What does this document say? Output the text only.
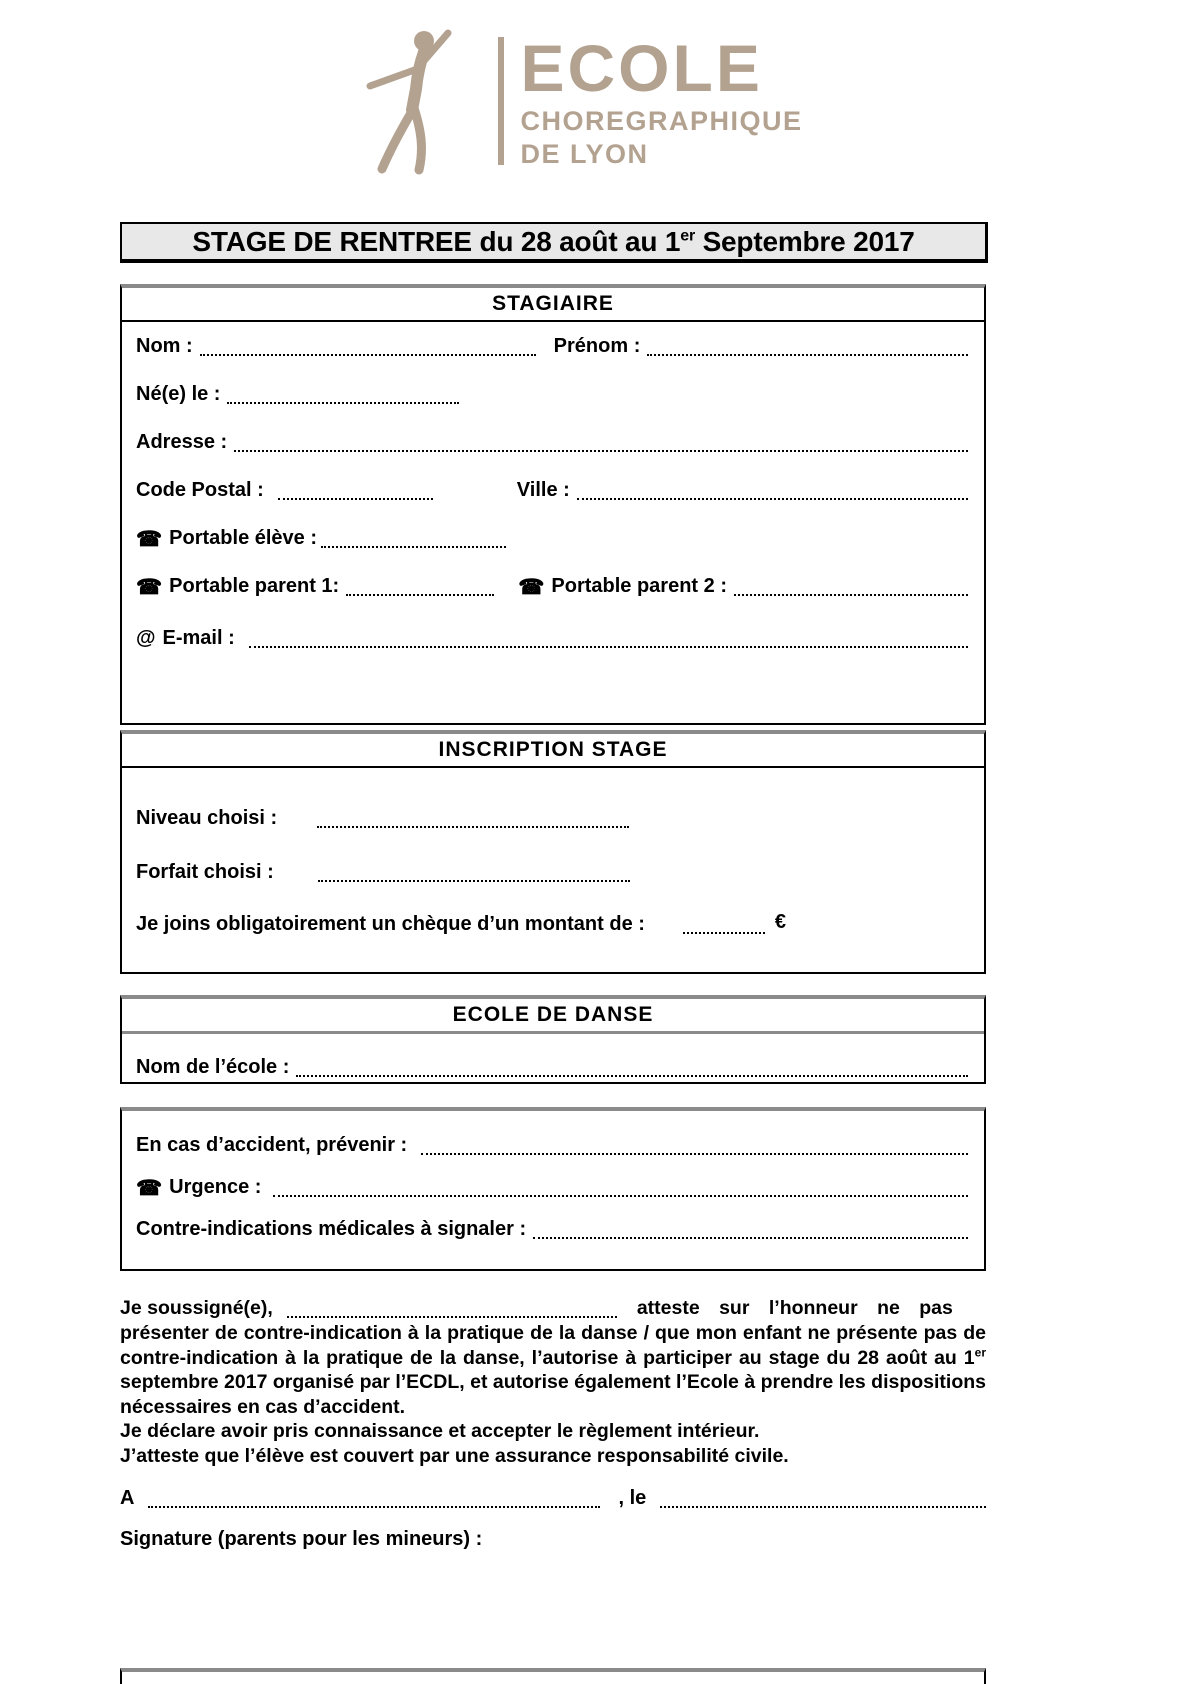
ECOLE
CHOREGRAPHIQUE
DE LYON
STAGE DE RENTREE du 28 août au 1er Septembre 2017
STAGIAIRE
Nom :	Prénom :
Né(e) le :
Adresse :
Code Postal :	Ville :
☎ Portable élève :
☎ Portable parent 1:	☎ Portable parent 2 :
@ E-mail :
INSCRIPTION STAGE
Niveau choisi :
Forfait choisi :
Je joins obligatoirement un chèque d’un montant de :	€
ECOLE DE DANSE
Nom de l’école :
En cas d’accident, prévenir :
☎ Urgence :
Contre-indications médicales à signaler :
Je soussigné(e),	atteste sur l’honneur ne pas

présenter de contre-indication à la pratique de la danse / que mon enfant ne présente pas de contre-indication à la pratique de la danse, l’autorise à participer au stage du 28 août au 1er septembre 2017 organisé par l’ECDL, et autorise également l’Ecole à prendre les dispositions nécessaires en cas d’accident.

Je déclare avoir pris connaissance et accepter le règlement intérieur.
J’atteste que l’élève est couvert par une assurance responsabilité civile.
A	, le
Signature (parents pour les mineurs) :
